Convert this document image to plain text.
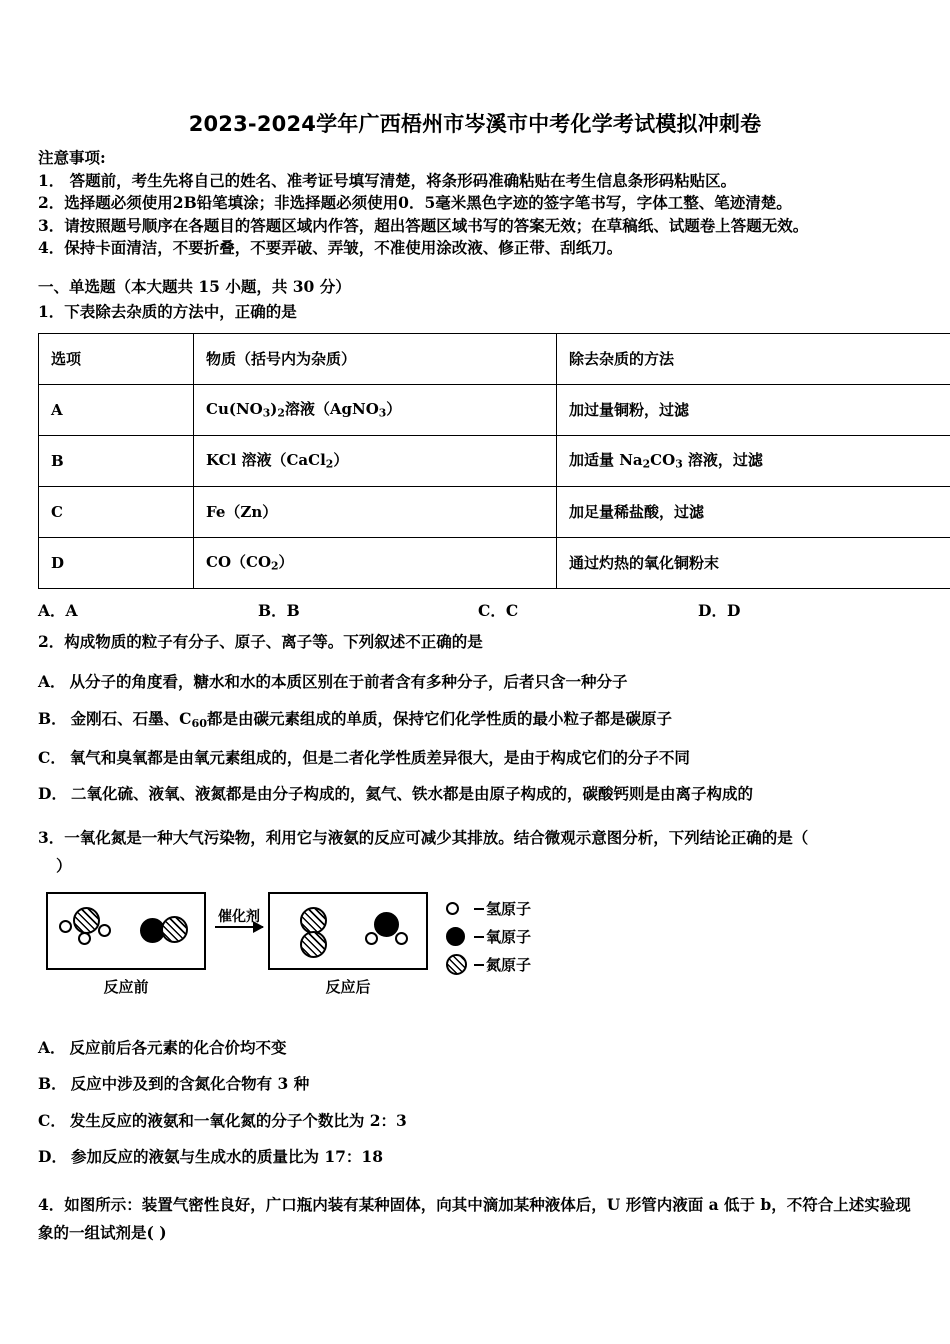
2023-2024学年广西梧州市岑溪市中考化学考试模拟冲刺卷
注意事项:
1． 答题前，考生先将自己的姓名、准考证号填写清楚，将条形码准确粘贴在考生信息条形码粘贴区。
2．选择题必须使用2B铅笔填涂；非选择题必须使用0．5毫米黑色字迹的签字笔书写，字体工整、笔迹清楚。
3．请按照题号顺序在各题目的答题区域内作答，超出答题区域书写的答案无效；在草稿纸、试题卷上答题无效。
4．保持卡面清洁，不要折叠，不要弄破、弄皱，不准使用涂改液、修正带、刮纸刀。
一、单选题（本大题共 15 小题，共 30 分）
1．下表除去杂质的方法中，正确的是
选项	物质（括号内为杂质）	除去杂质的方法
A	$Cu(NO_3)_2$溶液（AgNO$_3$）	加过量铜粉，过滤
B	KCl 溶液（CaCl$_2$）	加适量 $Na_2CO_3$ 溶液，过滤
C	Fe（Zn）	加足量稀盐酸，过滤
D	$CO(CO_2)$	通过灼热的氧化铜粉末
A．A	B．B	C．C	D．D
2．构成物质的粒子有分子、原子、离子等。下列叙述不正确的是
A． 从分子的角度看，糖水和水的本质区别在于前者含有多种分子，后者只含一种分子
B． 金刚石、石墨、$C_{60}$都是由碳元素组成的单质，保持它们化学性质的最小粒子都是碳原子
C． 氧气和臭氧都是由氧元素组成的，但是二者化学性质差异很大，是由于构成它们的分子不同
D． 二氧化硫、液氧、液氮都是由分子构成的，氦气、铁水都是由原子构成的，碳酸钙则是由离子构成的
3．一氧化氮是一种大气污染物，利用它与液氨的反应可减少其排放。结合微观示意图分析，下列结论正确的是（
）
催化剂
反应前	反应后
氢原子
氧原子
氮原子
A． 反应前后各元素的化合价均不变
B． 反应中涉及到的含氮化合物有 3 种
C． 发生反应的液氨和一氧化氮的分子个数比为 2：3
D． 参加反应的液氨与生成水的质量比为 17：18
4．如图所示：装置气密性良好，广口瓶内装有某种固体，向其中滴加某种液体后，U 形管内液面 a 低于 b，不符合上述实验现象的一组试剂是( )
